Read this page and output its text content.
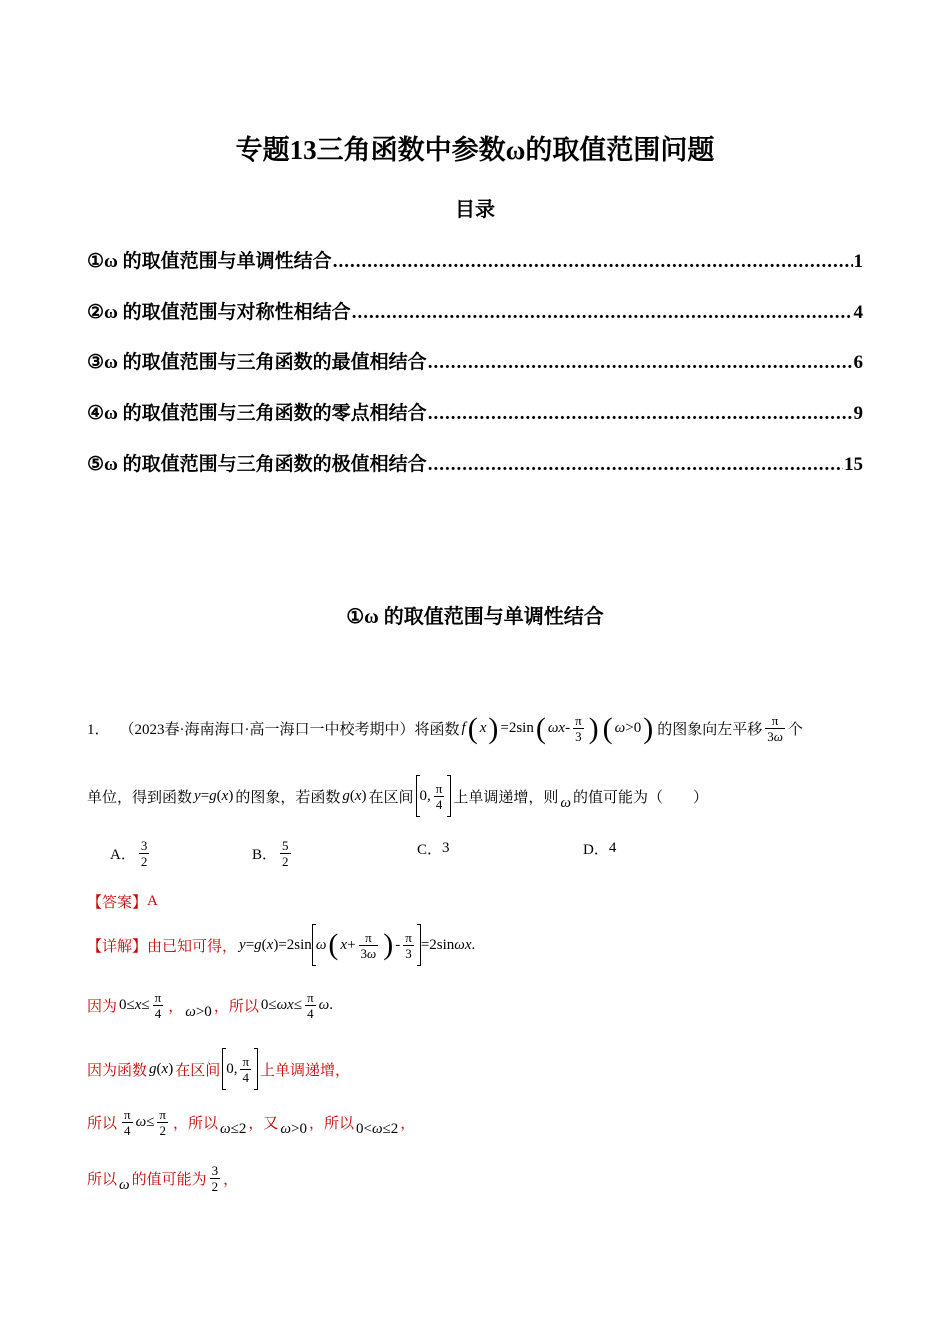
专题13三角函数中参数ω的取值范围问题
目录
①ω 的取值范围与单调性结合 .....	1
②ω 的取值范围与对称性相结合 .....	4
③ω 的取值范围与三角函数的最值相结合 .....	6
④ω 的取值范围与三角函数的零点相结合 .....	9
⑤ω 的取值范围与三角函数的极值相结合 .....	15
①ω 的取值范围与单调性结合
1． （2023春·海南海口·高一海口一中校考期中）将函数 f ( x ) =2sin ( ωx - $\frac{\pi}{3}$ ) ( ω >0 ) 的图象向左平移 $\frac{\pi}{3\omega}$ 个
单位，得到函数 y = g ( x ) 的图象，若函数 g ( x ) 在区间 0, $\frac{\pi}{4}$ 上单调递增，则 ω 的值可能为（　　）
A． $\frac{3}{2}$	B． $\frac{5}{2}$	C． 3	D． 4
【答案】 A
【详解】 由已知可得， y = g ( x )=2sin ω ( $x + \frac{\pi}{3\omega}$ ) - $\frac{\pi}{3} =2\sin$ ωx .
因为 $0\le x \le \frac{\pi}{4}$ ， ω >0 ， 所以 $0\le \omega x \le \frac{\pi}{4}$ ω .
因为函数 g ( x ) 在区间 0, $\frac{\pi}{4}$ 上单调递增，
所以 $\frac{\pi}{4}$ $\omega \le \frac{\pi}{2}$ ， 所以 ω ≤2 ， 又 ω >0 ， 所以 0< ω ≤2 ，
所以 ω 的值可能为 $\frac{3}{2}$ ，
